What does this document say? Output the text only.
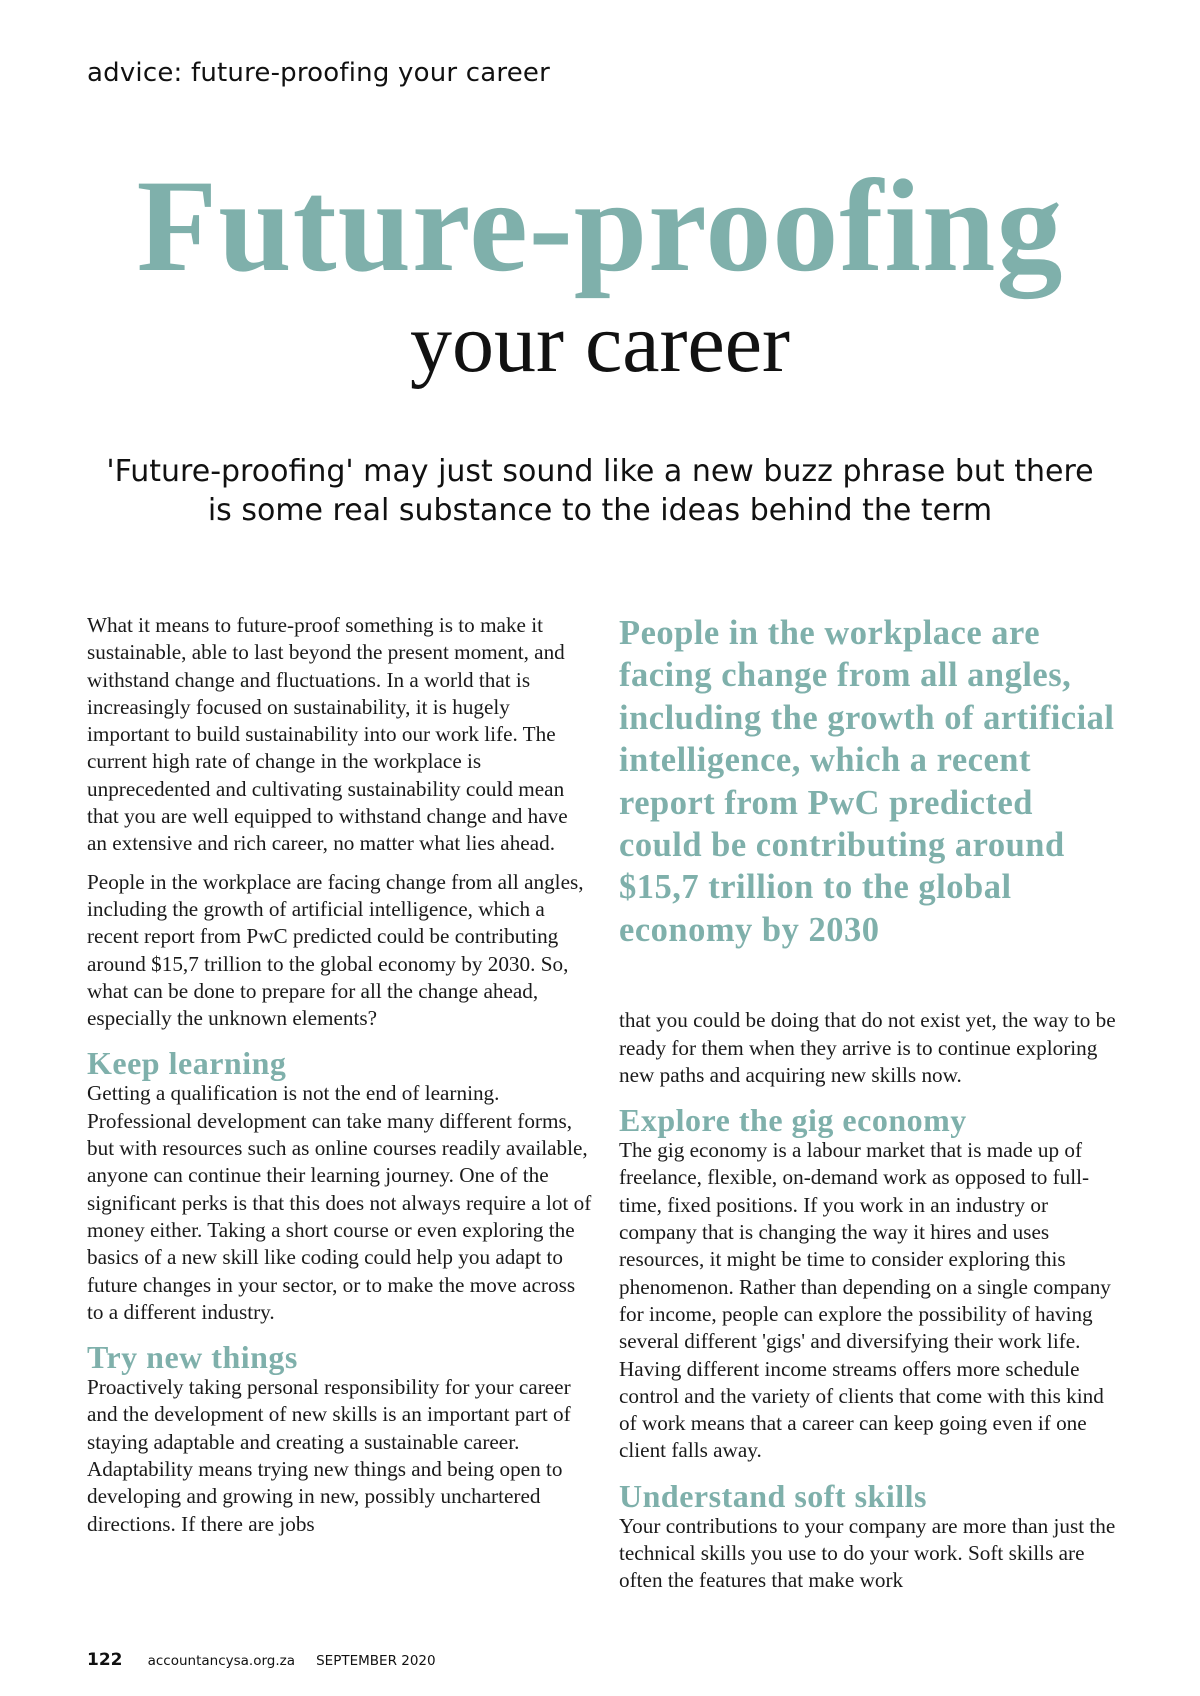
advice: future-proofing your career
Future-proofing
your career
'Future-proofing' may just sound like a new buzz phrase but there is some real substance to the ideas behind the term

What it means to future-proof something is to make it sustainable, able to last beyond the present moment, and withstand change and fluctuations. In a world that is increasingly focused on sustainability, it is hugely important to build sustainability into our work life. The current high rate of change in the workplace is unprecedented and cultivating sustainability could mean that you are well equipped to withstand change and have an extensive and rich career, no matter what lies ahead.

People in the workplace are facing change from all angles, including the growth of artificial intelligence, which a recent report from PwC predicted could be contributing around $15,7 trillion to the global economy by 2030. So, what can be done to prepare for all the change ahead, especially the unknown elements?

Keep learning

Getting a qualification is not the end of learning. Professional development can take many different forms, but with resources such as online courses readily available, anyone can continue their learning journey. One of the significant perks is that this does not always require a lot of money either. Taking a short course or even exploring the basics of a new skill like coding could help you adapt to future changes in your sector, or to make the move across to a different industry.

Try new things

Proactively taking personal responsibility for your career and the development of new skills is an important part of staying adaptable and creating a sustainable career. Adaptability means trying new things and being open to developing and growing in new, possibly unchartered directions. If there are jobs

People in the workplace are facing change from all angles, including the growth of artificial intelligence, which a recent report from PwC predicted could be contributing around $15,7 trillion to the global economy by 2030

that you could be doing that do not exist yet, the way to be ready for them when they arrive is to continue exploring new paths and acquiring new skills now.

Explore the gig economy

The gig economy is a labour market that is made up of freelance, flexible, on-demand work as opposed to full-time, fixed positions. If you work in an industry or company that is changing the way it hires and uses resources, it might be time to consider exploring this phenomenon. Rather than depending on a single company for income, people can explore the possibility of having several different 'gigs' and diversifying their work life. Having different income streams offers more schedule control and the variety of clients that come with this kind of work means that a career can keep going even if one client falls away.

Understand soft skills

Your contributions to your company are more than just the technical skills you use to do your work. Soft skills are often the features that make work

122 accountancysa.org.za SEPTEMBER 2020
